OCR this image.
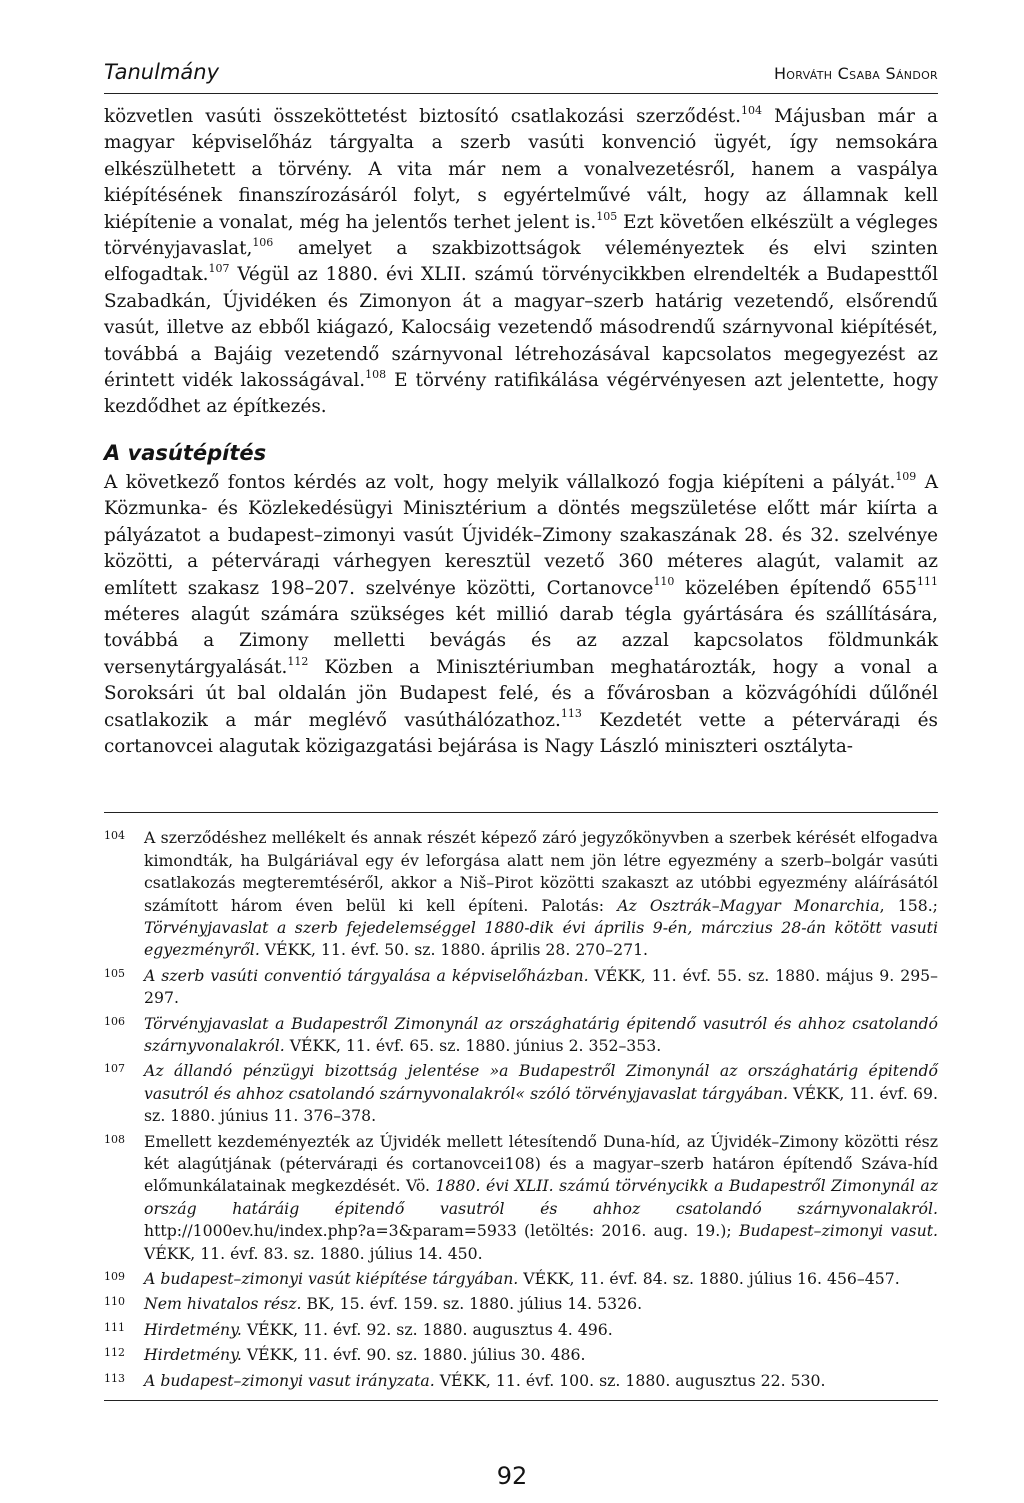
Tanulmány	Horváth Csaba Sándor

közvetlen vasúti összeköttetést biztosító csatlakozási szerződést.$^{104}$ Májusban már a magyar képviselőház tárgyalta a szerb vasúti konvenció ügyét, így nemsokára elkészülhetett a törvény. A vita már nem a vonalvezetésről, hanem a vaspálya kiépítésének finanszírozásáról folyt, s egyértelművé vált, hogy az államnak kell kiépítenie a vonalat, még ha jelentős terhet jelent is.$^{105}$ Ezt követően elkészült a végleges törvényjavaslat,$^{106}$ amelyet a szakbizottságok véleményeztek és elvi szinten elfogadtak.$^{107}$ Végül az 1880. évi XLII. számú törvénycikkben elrendelték a Budapesttől Szabadkán, Újvidéken és Zimonyon át a magyar–szerb határig vezetendő, elsőrendű vasút, illetve az ebből kiágazó, Kalocsáig vezetendő másodrendű szárnyvonal kiépítését, továbbá a Bajáig vezetendő szárnyvonal létrehozásával kapcsolatos megegyezést az érintett vidék lakosságával.$^{108}$ E törvény ratifikálása végérvényesen azt jelentette, hogy kezdődhet az építkezés.

A vasútépítés

A következő fontos kérdés az volt, hogy melyik vállalkozó fogja kiépíteni a pályát.$^{109}$ A Közmunka- és Közlekedésügyi Minisztérium a döntés megszületése előtt már kiírta a pályázatot a budapest–zimonyi vasút Újvidék–Zimony szakaszának 28. és 32. szelvénye közötti, a pétervárадi várhegyen keresztül vezető 360 méteres alagút, valamit az említett szakasz 198–207. szelvénye közötti, Cortanovce$^{110}$ közelében építendő $655^{111}$ méteres alagút számára szükséges két millió darab tégla gyártására és szállítására, továbbá a Zimony melletti bevágás és az azzal kapcsolatos földmunkák versenytárgyalását.$^{112}$ Közben a Minisztériumban meghatározták, hogy a vonal a Soroksári út bal oldalán jön Budapest felé, és a fővárosban a közvágóhídi dűlőnél csatlakozik a már meglévő vasúthálózathoz.$^{113}$ Kezdetét vette a pétervárадi és cortanovcei alagutak közigazgatási bejárása is Nagy László miniszteri osztálytа-

104	A szerződéshez mellékelt és annak részét képező záró jegyzőkönyvben a szerbek kérését elfogadva kimondták, ha Bulgáriával egy év leforgása alatt nem jön létre egyezmény a szerb–bolgár vasúti csatlakozás megteremtéséről, akkor a Niš–Pirot közötti szakaszt az utóbbi egyezmény aláírásától számított három éven belül ki kell építeni. Palotás: Az Osztrák–Magyar Monarchia, 158.; Törvényjavaslat a szerb fejedelemséggel 1880-dik évi április 9-én, márczius 28-án kötött vasuti egyezményről. VÉKK, 11. évf. 50. sz. 1880. április 28. 270–271.
105	A szerb vasúti conventió tárgyalása a képviselőházban. VÉKK, 11. évf. 55. sz. 1880. május 9. 295–297.
106	Törvényjavaslat a Budapestről Zimonynál az országhatárig épitendő vasutról és ahhoz csatolandó szárnyvonalakról. VÉKK, 11. évf. 65. sz. 1880. június 2. 352–353.
107	Az állandó pénzügyi bizottság jelentése »a Budapestről Zimonynál az országhatárig épitendő vasutról és ahhoz csatolandó szárnyvonalakról« szóló törvényjavaslat tárgyában. VÉKK, 11. évf. 69. sz. 1880. június 11. 376–378.
108	Emellett kezdeményezték az Újvidék mellett létesítendő Duna-híd, az Újvidék–Zimony közötti rész két alagútjának (pétervárадi és cortanovcei108) és a magyar–szerb határon építendő Száva-híd előmunkálatainak megkezdését. Vö. 1880. évi XLII. számú törvénycikk a Budapestről Zimonynál az ország határáig épitendő vasutról és ahhoz csatolandó szárnyvonalakról. http://1000ev.hu/index.php?a=3&param=5933 (letöltés: 2016. aug. 19.); Budapest–zimonyi vasut. VÉKK, 11. évf. 83. sz. 1880. július 14. 450.
109	A budapest–zimonyi vasút kiépítése tárgyában. VÉKK, 11. évf. 84. sz. 1880. július 16. 456–457.
110	Nem hivatalos rész. BK, 15. évf. 159. sz. 1880. július 14. 5326.
111	Hirdetmény. VÉKK, 11. évf. 92. sz. 1880. augusztus 4. 496.
112	Hirdetmény. VÉKK, 11. évf. 90. sz. 1880. július 30. 486.
113	A budapest–zimonyi vasut irányzata. VÉKK, 11. évf. 100. sz. 1880. augusztus 22. 530.
92
